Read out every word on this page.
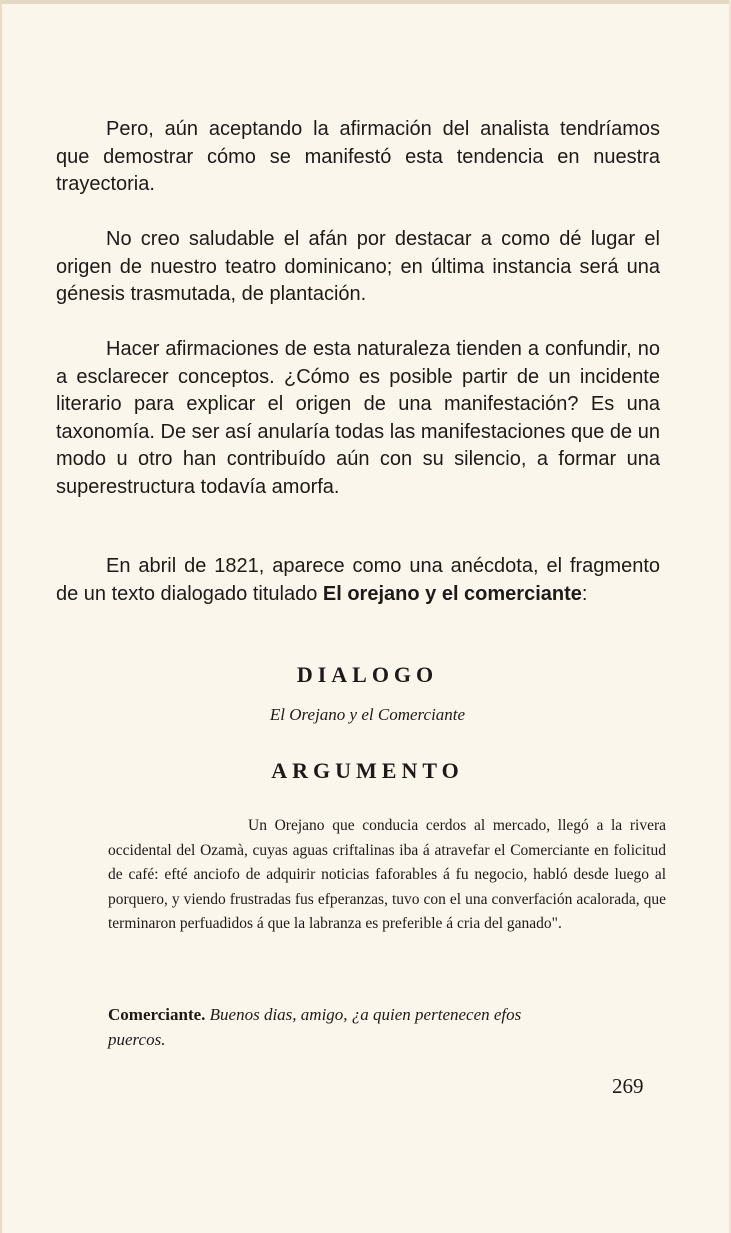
Pero, aún aceptando la afirmación del analista tendríamos que demostrar cómo se manifestó esta tendencia en nuestra trayectoria.

No creo saludable el afán por destacar a como dé lugar el origen de nuestro teatro dominicano; en última instancia será una génesis trasmutada, de plantación.

Hacer afirmaciones de esta naturaleza tienden a confundir, no a esclarecer conceptos. ¿Cómo es posible partir de un incidente literario para explicar el origen de una manifestación? Es una taxonomía. De ser así anularía todas las manifestaciones que de un modo u otro han contribuído aún con su silencio, a formar una superestructura todavía amorfa.

En abril de 1821, aparece como una anécdota, el fragmento de un texto dialogado titulado El orejano y el comerciante:

DIALOGO

El Orejano y el Comerciante

ARGUMENTO

Un Orejano que conducia cerdos al mercado, llegó a la rivera occidental del Ozamà, cuyas aguas criftalinas iba á atravefar el Comerciante en folicitud de café: efté anciofo de adquirir noticias faforables á fu negocio, habló desde luego al porquero, y viendo frustradas fus efperanzas, tuvo con el una converfación acalorada, que terminaron perfuadidos á que la labranza es preferible á cria del ganado".

Comerciante. Buenos dias, amigo, ¿a quien pertenecen efos puercos.

269
